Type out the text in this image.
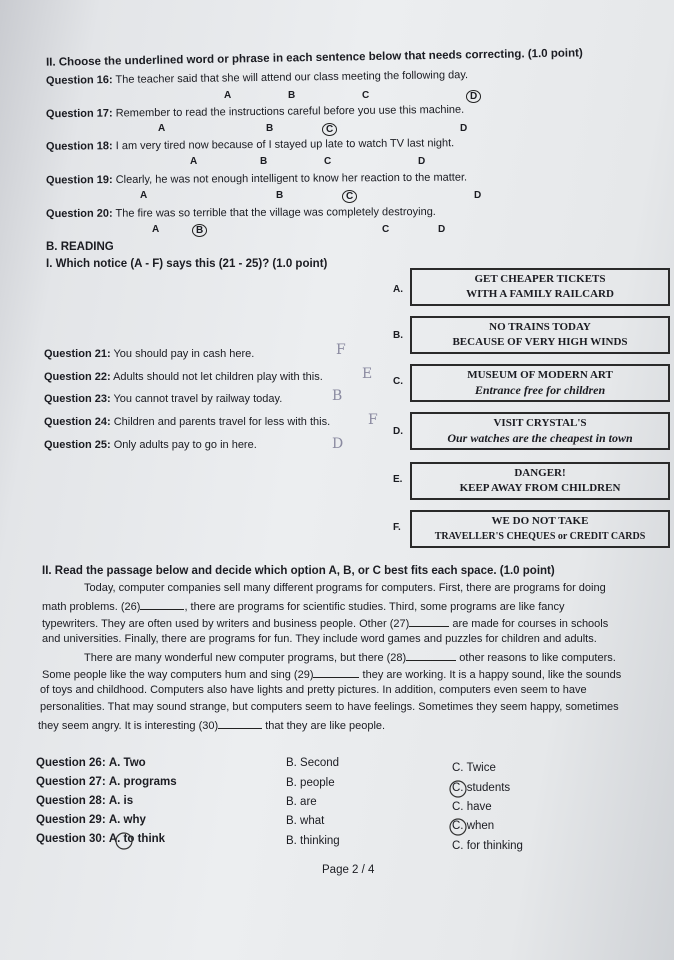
II. Choose the underlined word or phrase in each sentence below that needs correcting. (1.0 point)
Question 16: The teacher said that she will attend our class meeting the following day.
A	B	C	D
Question 17: Remember to read the instructions careful before you use this machine.
A	B	C	D
Question 18: I am very tired now because of I stayed up late to watch TV last night.
A	B	C	D
Question 19: Clearly, he was not enough intelligent to know her reaction to the matter.
A	B	C	D
Question 20: The fire was so terrible that the village was completely destroying.
A	B	C	D
B. READING
I. Which notice (A - F) says this (21 - 25)? (1.0 point)
Question 21: You should pay in cash here.	F
Question 22: Adults should not let children play with this.	E
Question 23: You cannot travel by railway today.	B
Question 24: Children and parents travel for less with this.	F
Question 25: Only adults pay to go in here.	D
A.
GET CHEAPER TICKETS
WITH A FAMILY RAILCARD
B.
NO TRAINS TODAY
BECAUSE OF VERY HIGH WINDS
C.
MUSEUM OF MODERN ART
Entrance free for children
D.
VISIT CRYSTAL'S
Our watches are the cheapest in town
E.
DANGER!
KEEP AWAY FROM CHILDREN
F.
WE DO NOT TAKE
TRAVELLER'S CHEQUES or CREDIT CARDS
II. Read the passage below and decide which option A, B, or C best fits each space. (1.0 point)
Today, computer companies sell many different programs for computers. First, there are programs for doing
math problems. (26)	, there are programs for scientific studies. Third, some programs are like fancy
typewriters. They are often used by writers and business people. Other (27)	are made for courses in schools
and universities. Finally, there are programs for fun. They include word games and puzzles for children and adults.
There are many wonderful new computer programs, but there (28)	other reasons to like computers.
Some people like the way computers hum and sing (29)	they are working. It is a happy sound, like the sounds
of toys and childhood. Computers also have lights and pretty pictures. In addition, computers even seem to have
personalities. That may sound strange, but computers seem to have feelings. Sometimes they seem happy, sometimes
they seem angry. It is interesting (30)	that they are like people.
Question 26: A. Two	B. Second	C. Twice
Question 27: A. programs	B. people	C. students
Question 28: A. is	B. are	C. have
Question 29: A. why	B. what	C. when
Question 30: A. to think	B. thinking	C. for thinking
Page 2 / 4
